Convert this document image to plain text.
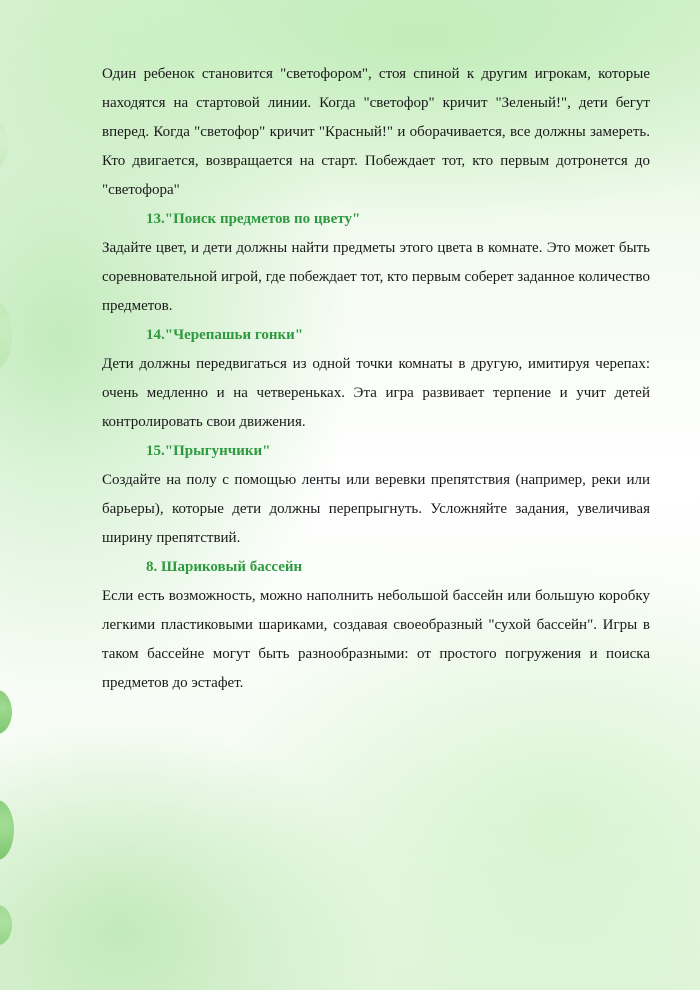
Один ребенок становится "светофором", стоя спиной к другим игрокам, которые находятся на стартовой линии. Когда "светофор" кричит "Зеленый!", дети бегут вперед. Когда "светофор" кричит "Красный!" и оборачивается, все должны замереть. Кто двигается, возвращается на старт. Побеждает тот, кто первым дотронется до "светофора"

13."Поиск предметов по цвету"

Задайте цвет, и дети должны найти предметы этого цвета в комнате. Это может быть соревновательной игрой, где побеждает тот, кто первым соберет заданное количество предметов.

14."Черепашьи гонки"

Дети должны передвигаться из одной точки комнаты в другую, имитируя черепах: очень медленно и на четвереньках. Эта игра развивает терпение и учит детей контролировать свои движения.

15."Прыгунчики"

Создайте на полу с помощью ленты или веревки препятствия (например, реки или барьеры), которые дети должны перепрыгнуть. Усложняйте задания, увеличивая ширину препятствий.

8. Шариковый бассейн

Если есть возможность, можно наполнить небольшой бассейн или большую коробку легкими пластиковыми шариками, создавая своеобразный "сухой бассейн". Игры в таком бассейне могут быть разнообразными: от простого погружения и поиска предметов до эстафет.
